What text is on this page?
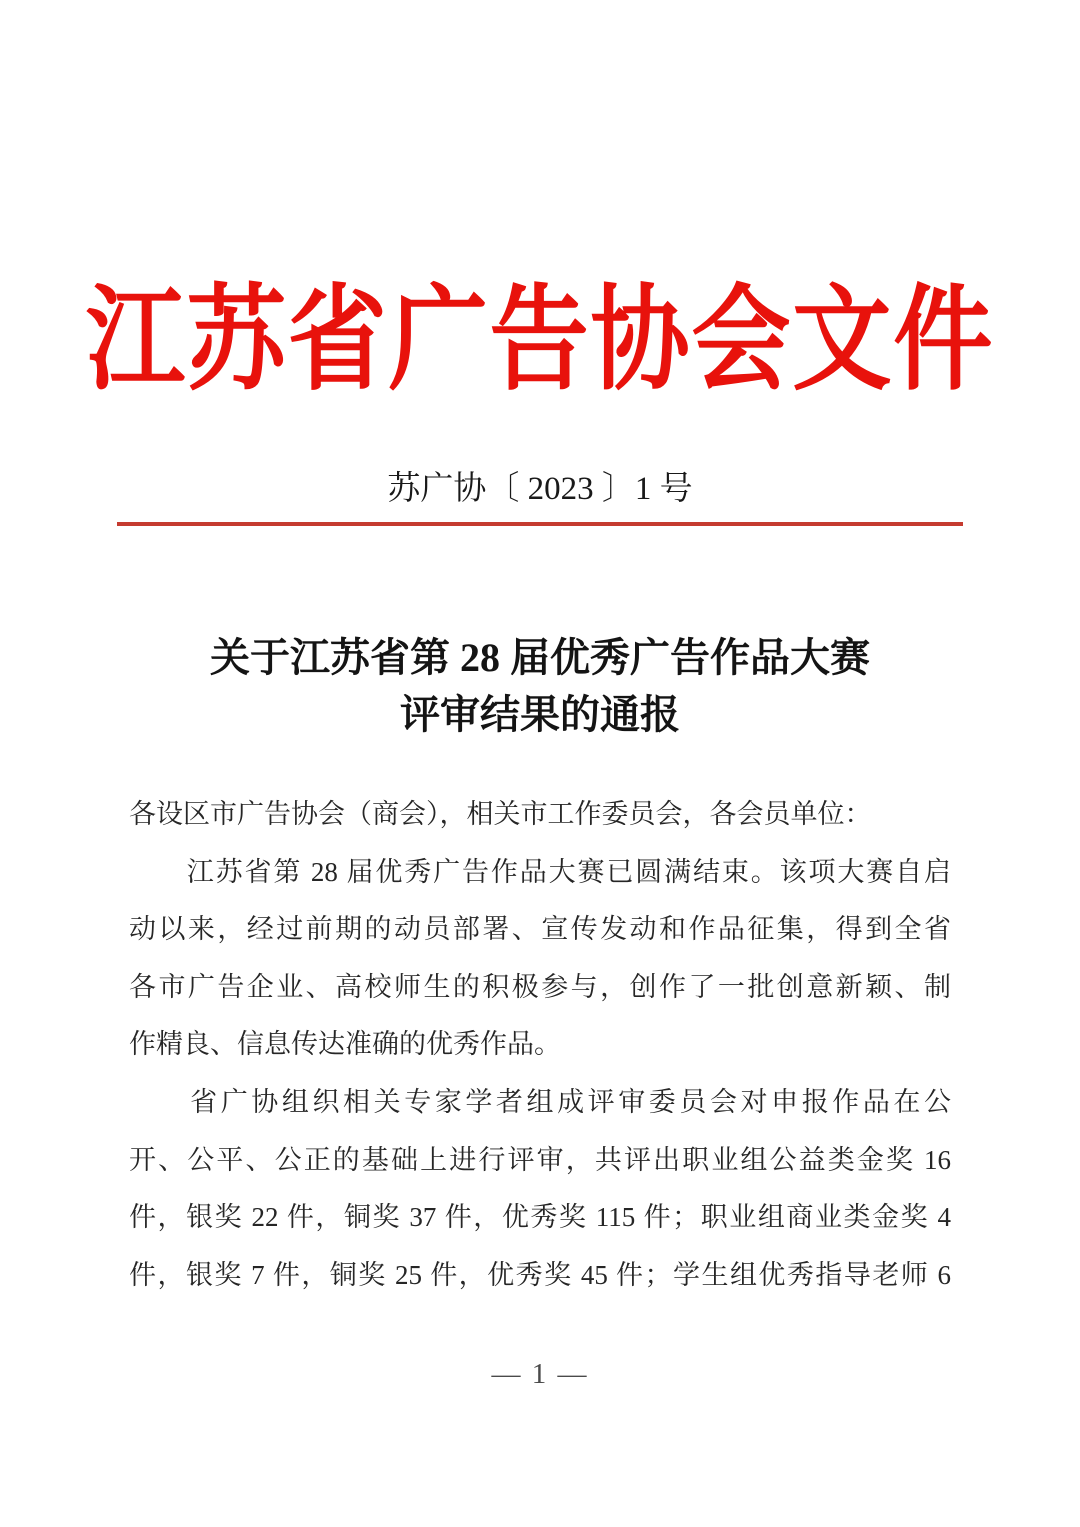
江苏省广告协会文件
苏广协〔 2023 〕1 号
关于江苏省第 28 届优秀广告作品大赛
评审结果的通报
各设区市广告协会（商会），相关市工作委员会，各会员单位：
　　江苏省第 28 届优秀广告作品大赛已圆满结束。该项大赛自启
动以来，经过前期的动员部署、宣传发动和作品征集，得到全省
各市广告企业、高校师生的积极参与，创作了一批创意新颖、制
作精良、信息传达准确的优秀作品。
　　省广协组织相关专家学者组成评审委员会对申报作品在公
开、公平、公正的基础上进行评审，共评出职业组公益类金奖 16
件，银奖 22 件，铜奖 37 件，优秀奖 115 件；职业组商业类金奖 4
件，银奖 7 件，铜奖 25 件，优秀奖 45 件；学生组优秀指导老师 6
— 1 —
